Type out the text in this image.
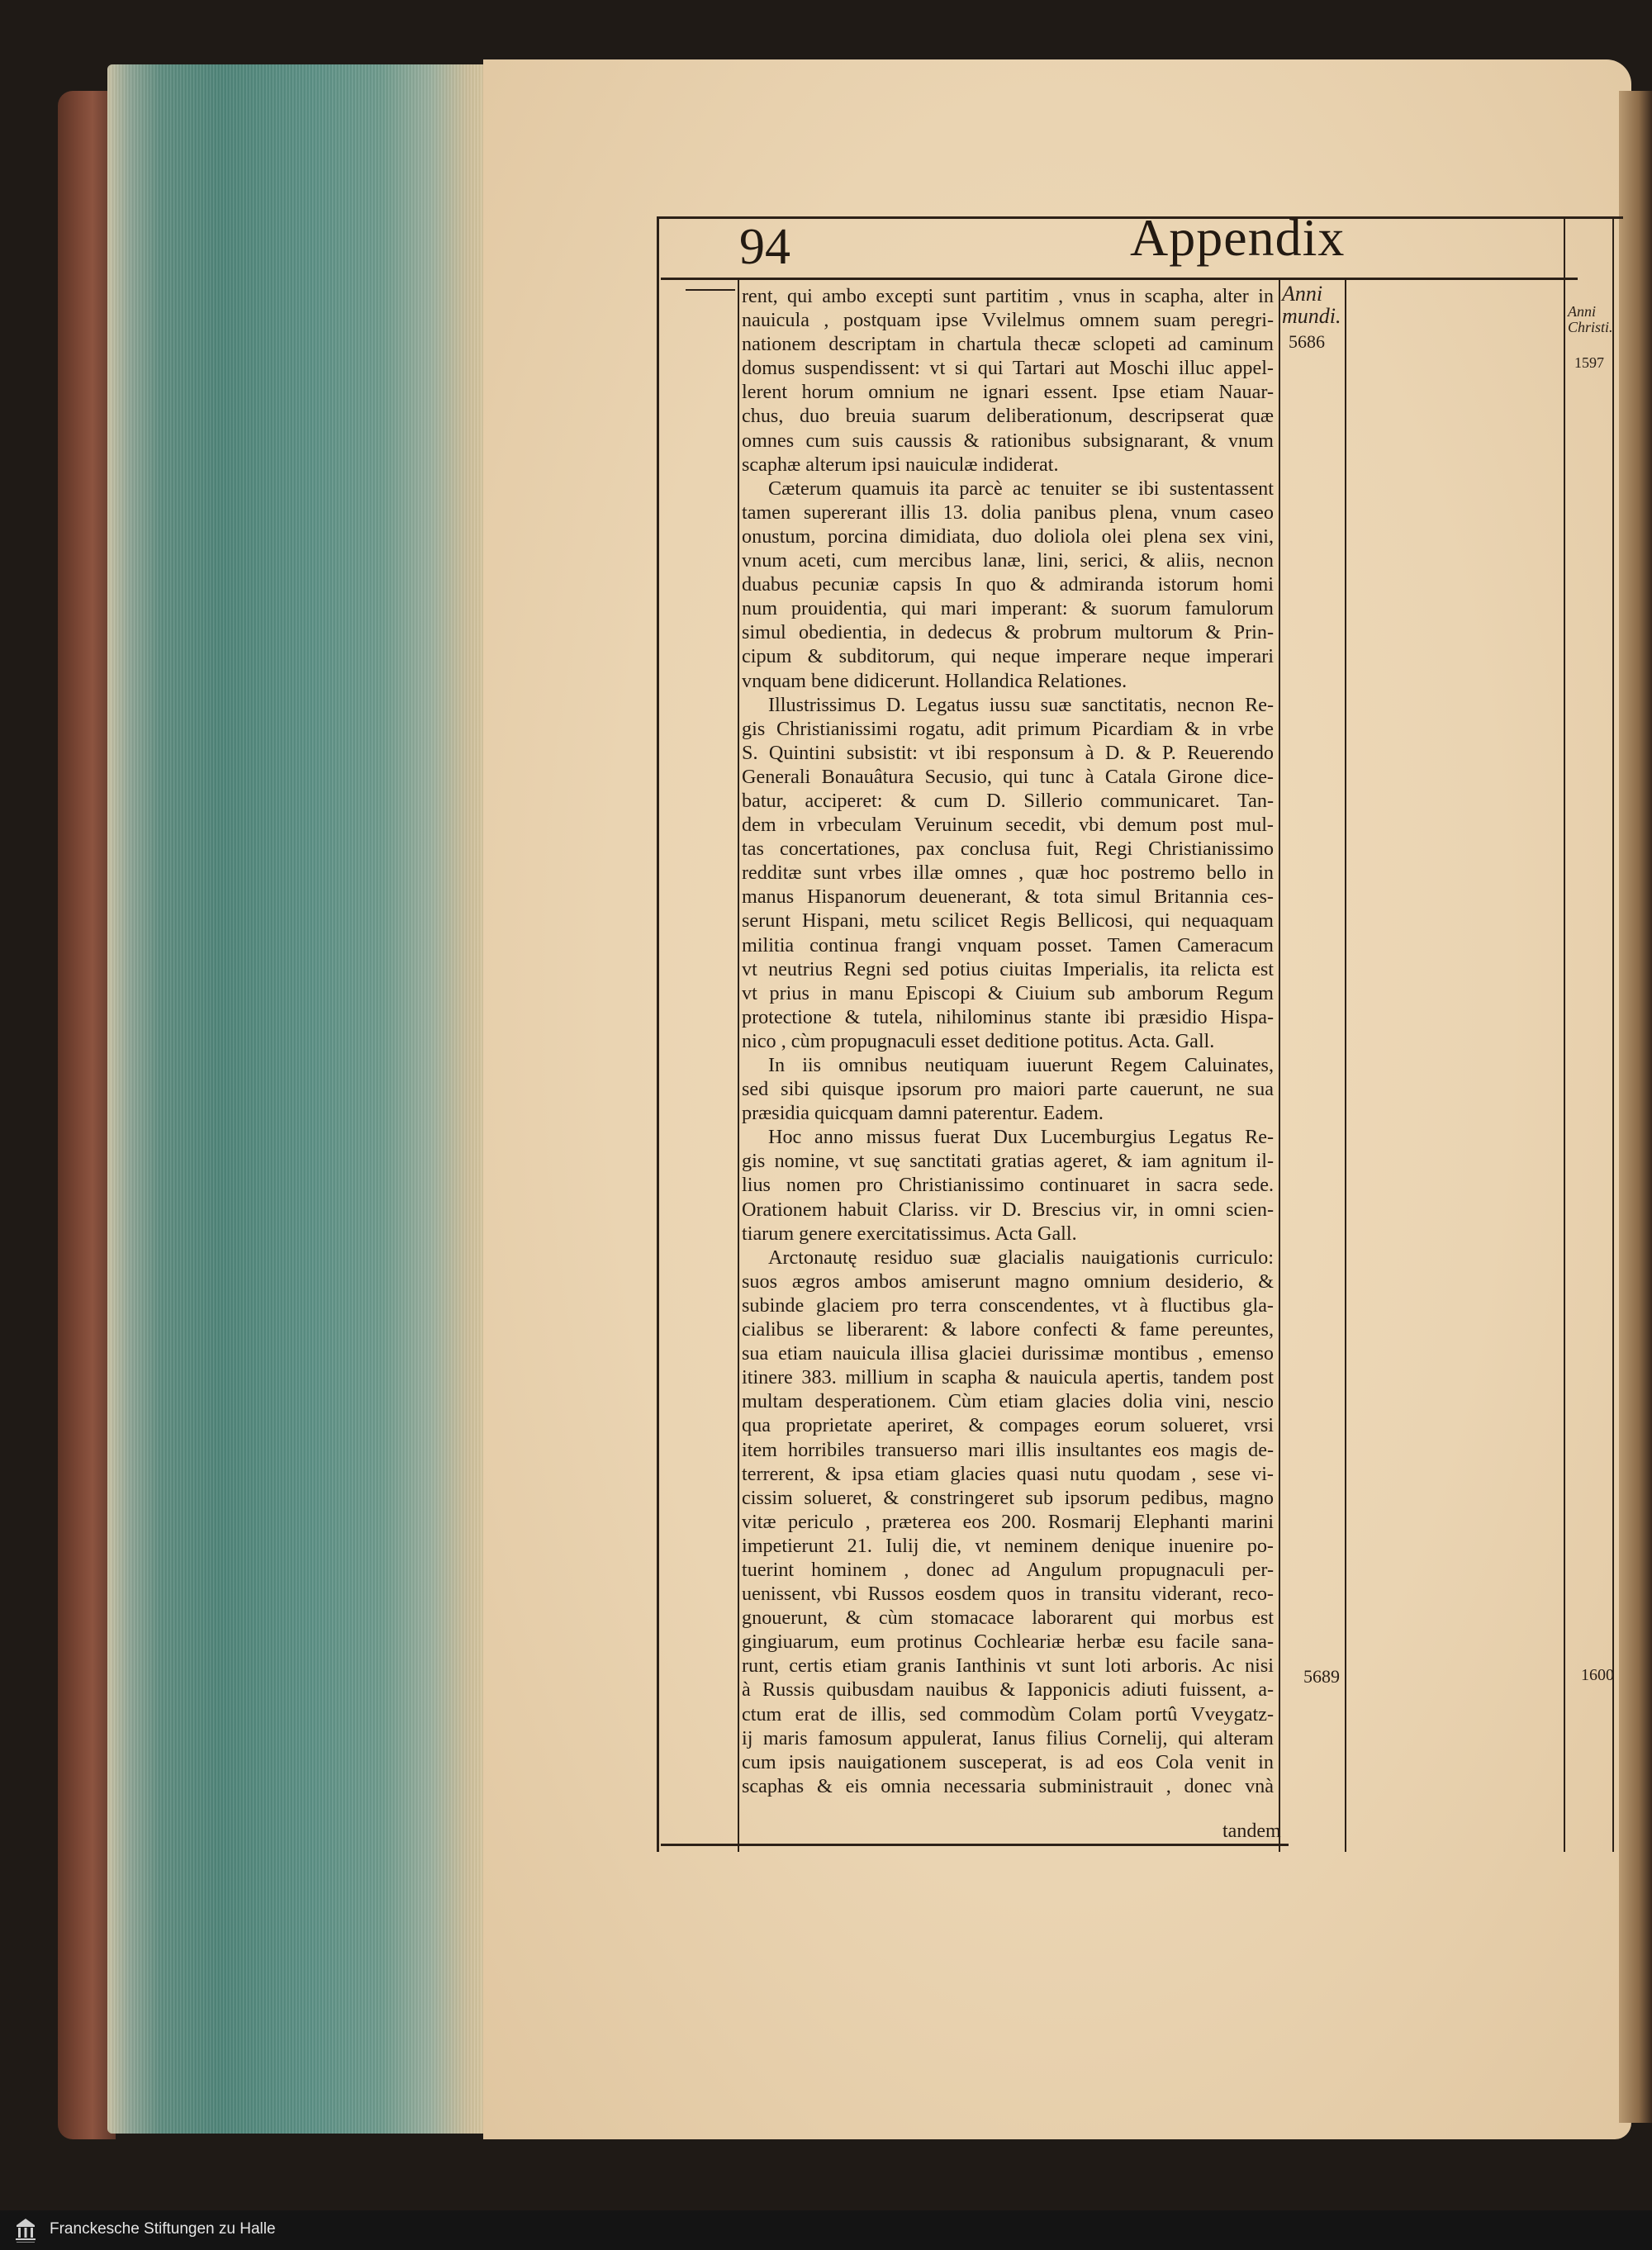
94	Appendix
Anni mundi.
5686
Anni Christi.
1597
5689	1600
rent, qui ambo excepti sunt partitim , vnus in scapha, alter in
nauicula , postquam ipse Vvilelmus omnem suam peregri-
nationem descriptam in chartula thecæ sclopeti ad caminum
domus suspendissent: vt si qui Tartari aut Moschi illuc appel-
lerent horum omnium ne ignari essent. Ipse etiam Nauar-
chus, duo breuia suarum deliberationum, descripserat quæ
omnes cum suis caussis & rationibus subsignarant, & vnum
scaphæ alterum ipsi nauiculæ indiderat.
Cæterum quamuis ita parcè ac tenuiter se ibi sustentassent
tamen supererant illis 13. dolia panibus plena, vnum caseo
onustum, porcina dimidiata, duo doliola olei plena sex vini,
vnum aceti, cum mercibus lanæ, lini, serici, & aliis, necnon
duabus pecuniæ capsis In quo & admiranda istorum homi
num prouidentia, qui mari imperant: & suorum famulorum
simul obedientia, in dedecus & probrum multorum & Prin-
cipum & subditorum, qui neque imperare neque imperari
vnquam bene didicerunt. Hollandica Relationes.
Illustrissimus D. Legatus iussu suæ sanctitatis, necnon Re-
gis Christianissimi rogatu, adit primum Picardiam & in vrbe
S. Quintini subsistit: vt ibi responsum à D. & P. Reuerendo
Generali Bonauâtura Secusio, qui tunc à Catala Girone dice-
batur, acciperet: & cum D. Sillerio communicaret. Tan-
dem in vrbeculam Veruinum secedit, vbi demum post mul-
tas concertationes, pax conclusa fuit, Regi Christianissimo
redditæ sunt vrbes illæ omnes , quæ hoc postremo bello in
manus Hispanorum deuenerant, & tota simul Britannia ces-
serunt Hispani, metu scilicet Regis Bellicosi, qui nequaquam
militia continua frangi vnquam posset. Tamen Cameracum
vt neutrius Regni sed potius ciuitas Imperialis, ita relicta est
vt prius in manu Episcopi & Ciuium sub amborum Regum
protectione & tutela, nihilominus stante ibi præsidio Hispa-
nico , cùm propugnaculi esset deditione potitus. Acta. Gall.
In iis omnibus neutiquam iuuerunt Regem Caluinates,
sed sibi quisque ipsorum pro maiori parte cauerunt, ne sua
præsidia quicquam damni paterentur. Eadem.
Hoc anno missus fuerat Dux Lucemburgius Legatus Re-
gis nomine, vt suę sanctitati gratias ageret, & iam agnitum il-
lius nomen pro Christianissimo continuaret in sacra sede.
Orationem habuit Clariss. vir D. Brescius vir, in omni scien-
tiarum genere exercitatissimus. Acta Gall.
Arctonautę residuo suæ glacialis nauigationis curriculo:
suos ægros ambos amiserunt magno omnium desiderio, &
subinde glaciem pro terra conscendentes, vt à fluctibus gla-
cialibus se liberarent: & labore confecti & fame pereuntes,
sua etiam nauicula illisa glaciei durissimæ montibus , emenso
itinere 383. millium in scapha & nauicula apertis, tandem post
multam desperationem. Cùm etiam glacies dolia vini, nescio
qua proprietate aperiret, & compages eorum solueret, vrsi
item horribiles transuerso mari illis insultantes eos magis de-
terrerent, & ipsa etiam glacies quasi nutu quodam , sese vi-
cissim solueret, & constringeret sub ipsorum pedibus, magno
vitæ periculo , præterea eos 200. Rosmarij Elephanti marini
impetierunt 21. Iulij die, vt neminem denique inuenire po-
tuerint hominem , donec ad Angulum propugnaculi per-
uenissent, vbi Russos eosdem quos in transitu viderant, reco-
gnouerunt, & cùm stomacace laborarent qui morbus est
gingiuarum, eum protinus Cochleariæ herbæ esu facile sana-
runt, certis etiam granis Ianthinis vt sunt loti arboris. Ac nisi
à Russis quibusdam nauibus & Iapponicis adiuti fuissent, a-
ctum erat de illis, sed commodùm Colam portû Vveygatz-
ij maris famosum appulerat, Ianus filius Cornelij, qui alteram
cum ipsis nauigationem susceperat, is ad eos Cola venit in
scaphas & eis omnia necessaria subministrauit , donec vnà
tandem
Franckesche Stiftungen zu Halle
